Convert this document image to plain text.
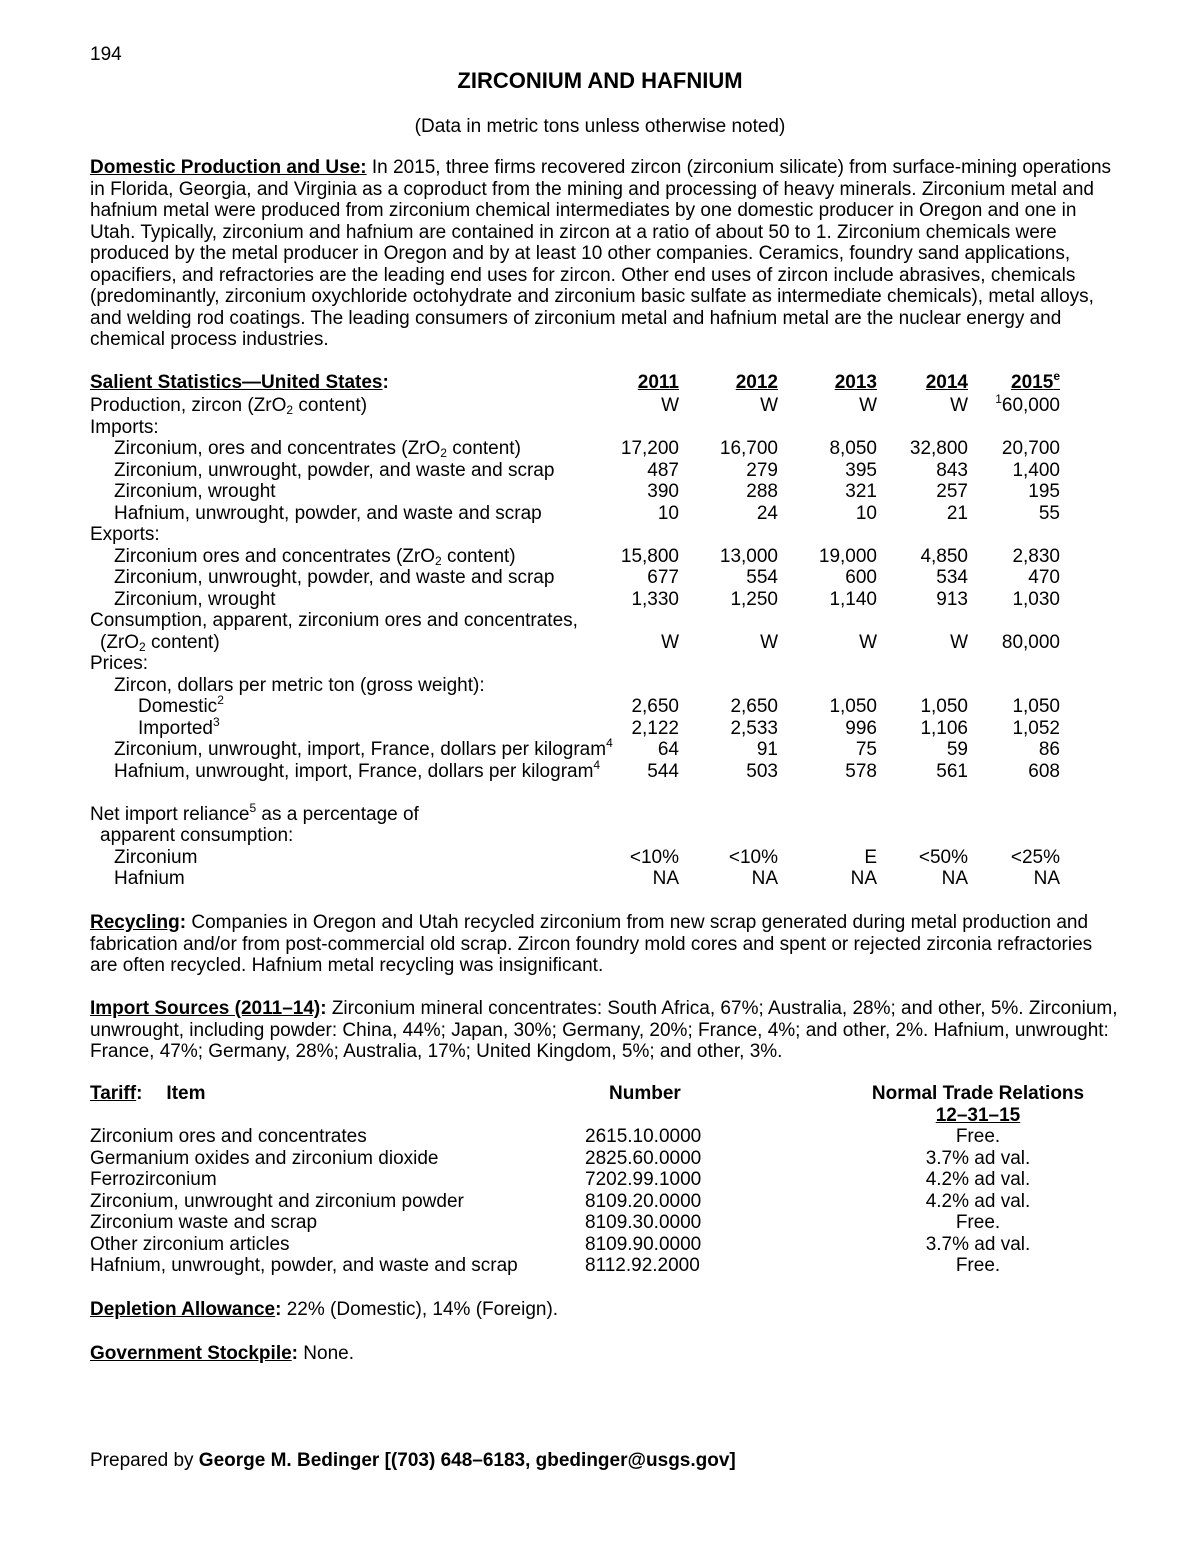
194
ZIRCONIUM AND HAFNIUM
(Data in metric tons unless otherwise noted)
Domestic Production and Use: In 2015, three firms recovered zircon (zirconium silicate) from surface-mining operations in Florida, Georgia, and Virginia as a coproduct from the mining and processing of heavy minerals. Zirconium metal and hafnium metal were produced from zirconium chemical intermediates by one domestic producer in Oregon and one in Utah. Typically, zirconium and hafnium are contained in zircon at a ratio of about 50 to 1. Zirconium chemicals were produced by the metal producer in Oregon and by at least 10 other companies. Ceramics, foundry sand applications, opacifiers, and refractories are the leading end uses for zircon. Other end uses of zircon include abrasives, chemicals (predominantly, zirconium oxychloride octohydrate and zirconium basic sulfate as intermediate chemicals), metal alloys, and welding rod coatings. The leading consumers of zirconium metal and hafnium metal are the nuclear energy and chemical process industries.
Salient Statistics—United States:	2011	2012	2013	2014	2015e
Production, zircon (ZrO$_2$ content)	W	W	W	W	$^1$60,000
Imports:
Zirconium, ores and concentrates (ZrO$_2$ content)	17,200	16,700	8,050	32,800	20,700
Zirconium, unwrought, powder, and waste and scrap	487	279	395	843	1,400
Zirconium, wrought	390	288	321	257	195
Hafnium, unwrought, powder, and waste and scrap	10	24	10	21	55
Exports:
Zirconium ores and concentrates (ZrO$_2$ content)	15,800	13,000	19,000	4,850	2,830
Zirconium, unwrought, powder, and waste and scrap	677	554	600	534	470
Zirconium, wrought	1,330	1,250	1,140	913	1,030
Consumption, apparent, zirconium ores and concentrates,
(ZrO$_2$ content)	W	W	W	W	80,000
Prices:
Zircon, dollars per metric ton (gross weight):
Domestic$^2$	2,650	2,650	1,050	1,050	1,050
Imported$^3$	2,122	2,533	996	1,106	1,052
Zirconium, unwrought, import, France, dollars per kilogram$^4$	64	91	75	59	86
Hafnium, unwrought, import, France, dollars per kilogram$^4$	544	503	578	561	608
Net import reliance$^5$ as a percentage of
apparent consumption:
Zirconium	<10%	<10%	E	<50%	<25%
Hafnium	NA	NA	NA	NA	NA
Recycling: Companies in Oregon and Utah recycled zirconium from new scrap generated during metal production and fabrication and/or from post-commercial old scrap. Zircon foundry mold cores and spent or rejected zirconia refractories are often recycled. Hafnium metal recycling was insignificant.
Import Sources (2011–14): Zirconium mineral concentrates: South Africa, 67%; Australia, 28%; and other, 5%. Zirconium, unwrought, including powder: China, 44%; Japan, 30%; Germany, 20%; France, 4%; and other, 2%. Hafnium, unwrought: France, 47%; Germany, 28%; Australia, 17%; United Kingdom, 5%; and other, 3%.
Tariff: Item	Number	Normal Trade Relations
12–31–15
Zirconium ores and concentrates	2615.10.0000	Free.
Germanium oxides and zirconium dioxide	2825.60.0000	3.7% ad val.
Ferrozirconium	7202.99.1000	4.2% ad val.
Zirconium, unwrought and zirconium powder	8109.20.0000	4.2% ad val.
Zirconium waste and scrap	8109.30.0000	Free.
Other zirconium articles	8109.90.0000	3.7% ad val.
Hafnium, unwrought, powder, and waste and scrap	8112.92.2000	Free.
Depletion Allowance: 22% (Domestic), 14% (Foreign).
Government Stockpile: None.
Prepared by George M. Bedinger [(703) 648–6183, gbedinger@usgs.gov]
